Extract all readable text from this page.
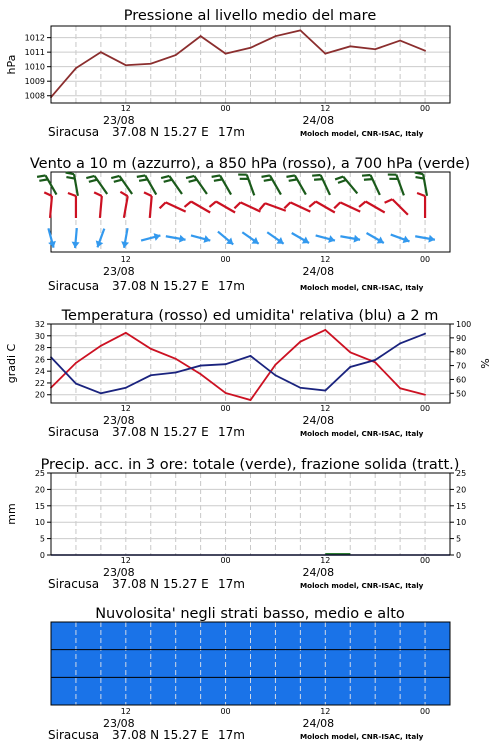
Pressione al livello medio del mare
12
23/08
00	12
24/08
00
Siracusa 37.08 N 15.27 E 17m	Moloch model, CNR-ISAC, Italy
1008
1009
1010
1011
1012
hPa
Vento a 10 m (azzurro), a 850 hPa (rosso), a 700 hPa (verde)
12
23/08
00	12
24/08
00
Siracusa 37.08 N 15.27 E 17m	Moloch model, CNR-ISAC, Italy
Temperatura (rosso) ed umidita' relativa (blu) a 2 m
12
23/08
00	12
24/08
00
Siracusa 37.08 N 15.27 E 17m	Moloch model, CNR-ISAC, Italy
20
22
24
26
28
30
32
50
60
70
80
90
100
gradi C	%
Precip. acc. in 3 ore: totale (verde), frazione solida (tratt.)
12
23/08
00	12
24/08
00
Siracusa 37.08 N 15.27 E 17m	Moloch model, CNR-ISAC, Italy
0
5
10
15
20
25
0
5
10
15
20
25
mm
Nuvolosita' negli strati basso, medio e alto
12
23/08
00	12
24/08
00
Siracusa 37.08 N 15.27 E 17m	Moloch model, CNR-ISAC, Italy
